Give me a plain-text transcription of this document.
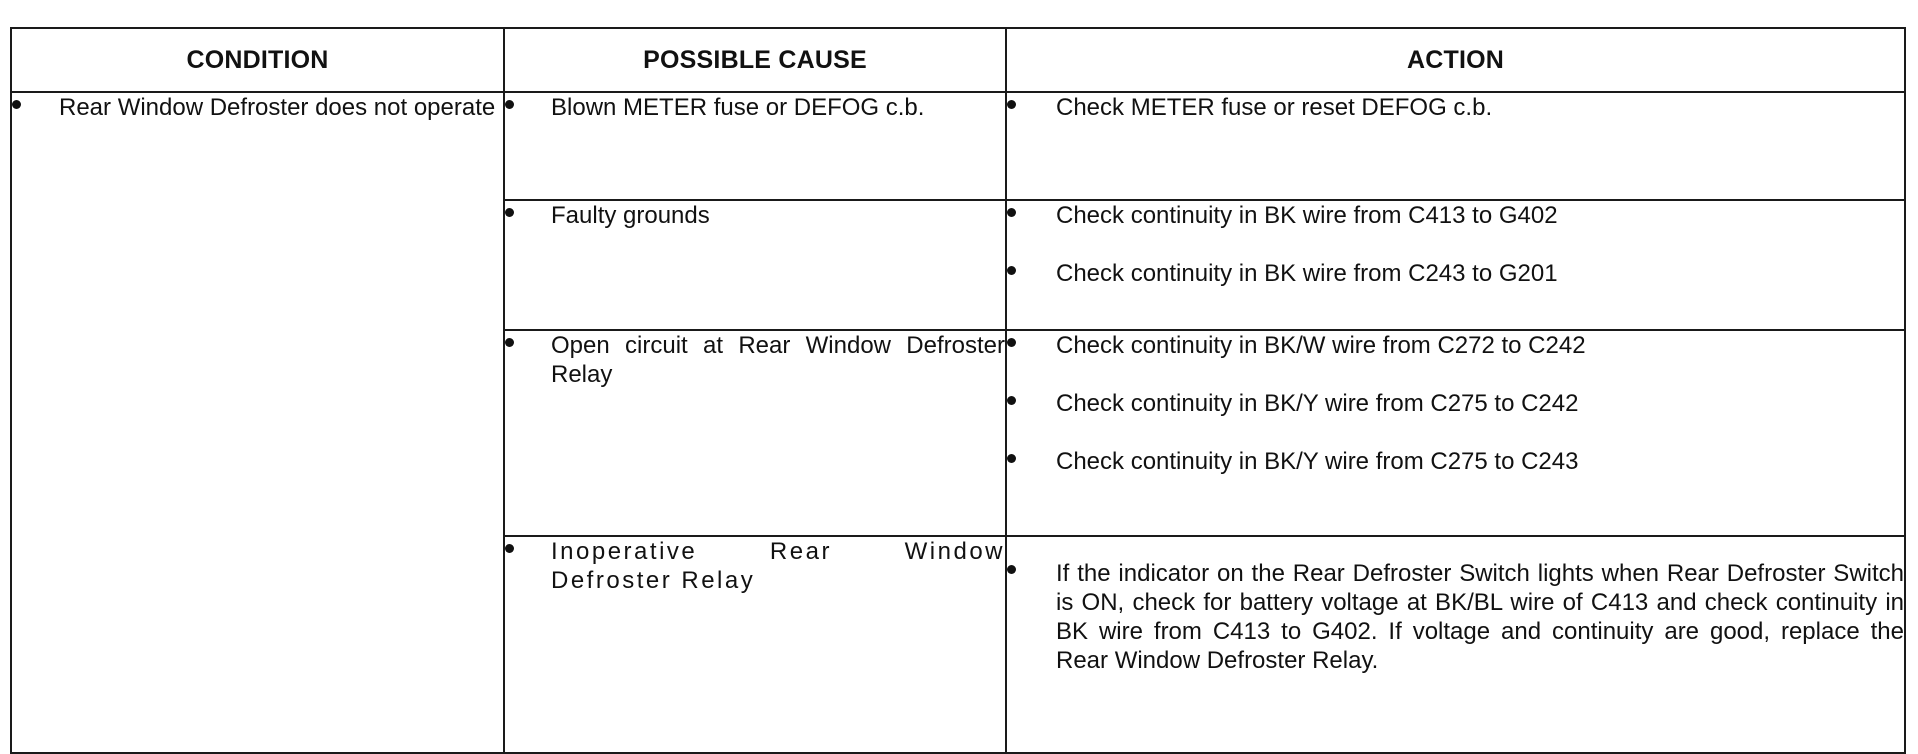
CONDITION	POSSIBLE CAUSE	ACTION

Rear Window Defroster does not operate	Blown METER fuse or DEFOG c.b.	Check METER fuse or reset DEFOG c.b.

	Faulty grounds	Check continuity in BK wire from C413 to G402
Check continuity in BK wire from C243 to G201

	Open circuit at Rear Window Defroster Relay	Check continuity in BK/W wire from C272 to C242
Check continuity in BK/Y wire from C275 to C242
Check continuity in BK/Y wire from C275 to C243

	Inoperative Rear Window Defroster Relay	If the indicator on the Rear Defroster Switch lights when Rear Defroster Switch is ON, check for battery voltage at BK/BL wire of C413 and check continuity in BK wire from C413 to G402. If voltage and continuity are good, replace the Rear Window Defroster Relay.
